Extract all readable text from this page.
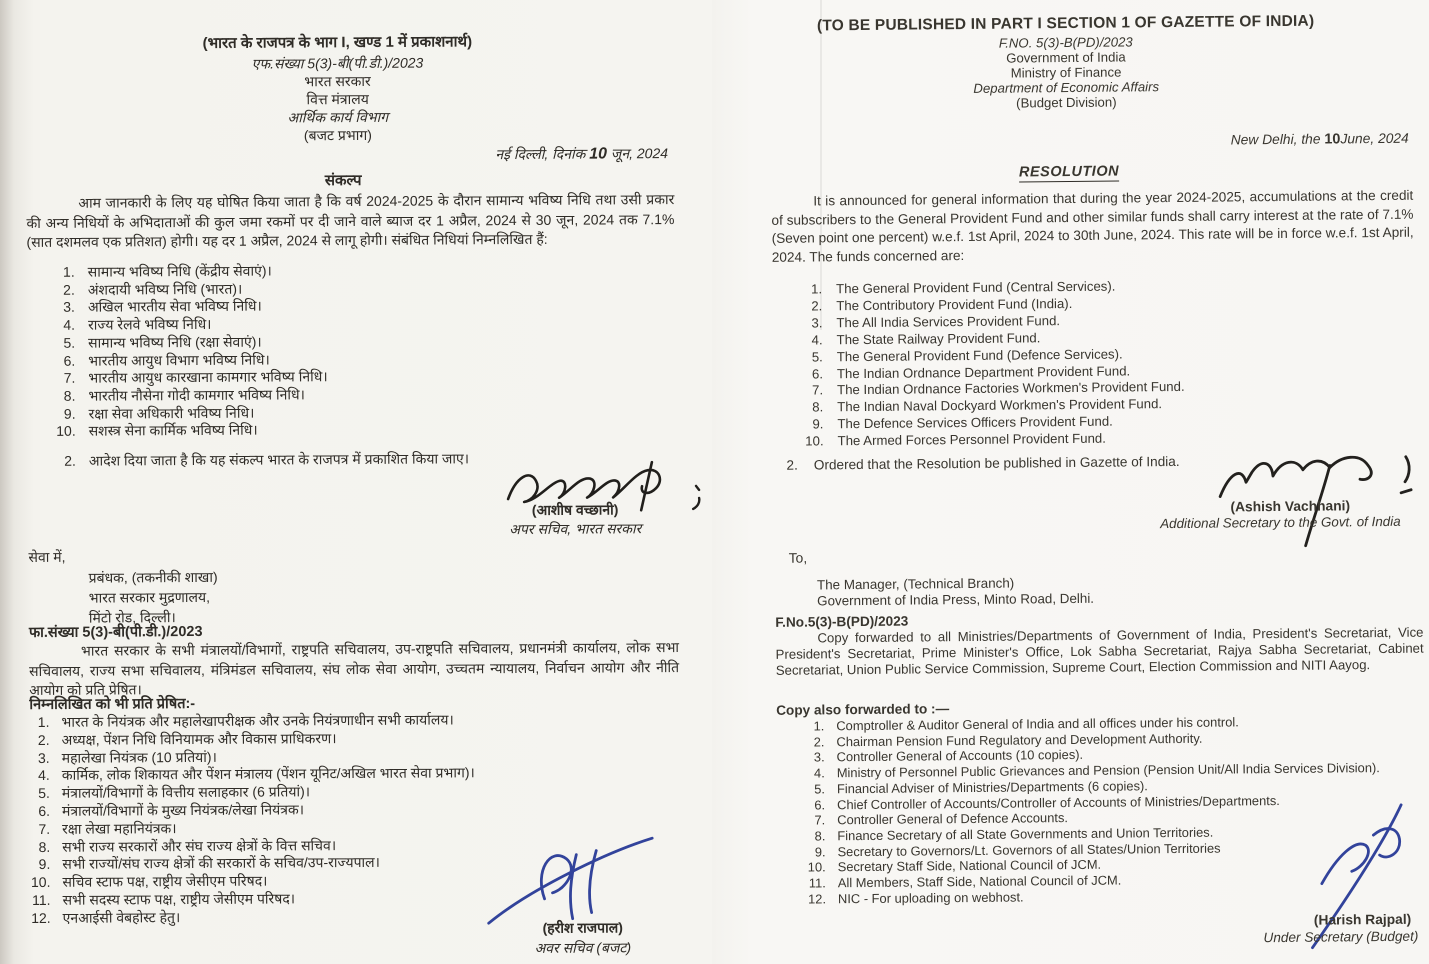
(भारत के राजपत्र के भाग I, खण्ड 1 में प्रकाशनार्थ)
एफ.संख्या 5(3)-बी(पी.डी.)/2023
भारत सरकार
वित्त मंत्रालय
आर्थिक कार्य विभाग
(बजट प्रभाग)
नई दिल्ली, दिनांक 10 जून, 2024
संकल्प
आम जानकारी के लिए यह घोषित किया जाता है कि वर्ष 2024-2025 के दौरान सामान्य भविष्य निधि तथा उसी प्रकार की अन्य निधियों के अभिदाताओं की कुल जमा रकमों पर दी जाने वाले ब्याज दर 1 अप्रैल, 2024 से 30 जून, 2024 तक 7.1% (सात दशमलव एक प्रतिशत) होगी। यह दर 1 अप्रैल, 2024 से लागू होगी। संबंधित निधियां निम्नलिखित हैं:
1. सामान्य भविष्य निधि (केंद्रीय सेवाएं)।
2. अंशदायी भविष्य निधि (भारत)।
3. अखिल भारतीय सेवा भविष्य निधि।
4. राज्य रेलवे भविष्य निधि।
5. सामान्य भविष्य निधि (रक्षा सेवाएं)।
6. भारतीय आयुध विभाग भविष्य निधि।
7. भारतीय आयुध कारखाना कामगार भविष्य निधि।
8. भारतीय नौसेना गोदी कामगार भविष्य निधि।
9. रक्षा सेवा अधिकारी भविष्य निधि।
10. सशस्त्र सेना कार्मिक भविष्य निधि।
2. आदेश दिया जाता है कि यह संकल्प भारत के राजपत्र में प्रकाशित किया जाए।
(आशीष वच्छानी)
अपर सचिव, भारत सरकार
सेवा में,
प्रबंधक, (तकनीकी शाखा)
भारत सरकार मुद्रणालय,
मिंटो रोड, दिल्ली।
फा.संख्या 5(3)-बी(पी.डी.)/2023
भारत सरकार के सभी मंत्रालयों/विभागों, राष्ट्रपति सचिवालय, उप-राष्ट्रपति सचिवालय, प्रधानमंत्री कार्यालय, लोक सभा सचिवालय, राज्य सभा सचिवालय, मंत्रिमंडल सचिवालय, संघ लोक सेवा आयोग, उच्चतम न्यायालय, निर्वाचन आयोग और नीति आयोग को प्रति प्रेषित।
निम्नलिखित को भी प्रति प्रेषित:-
1. भारत के नियंत्रक और महालेखापरीक्षक और उनके नियंत्रणाधीन सभी कार्यालय।
2. अध्यक्ष, पेंशन निधि विनियामक और विकास प्राधिकरण।
3. महालेखा नियंत्रक (10 प्रतियां)।
4. कार्मिक, लोक शिकायत और पेंशन मंत्रालय (पेंशन यूनिट/अखिल भारत सेवा प्रभाग)।
5. मंत्रालयों/विभागों के वित्तीय सलाहकार (6 प्रतियां)।
6. मंत्रालयों/विभागों के मुख्य नियंत्रक/लेखा नियंत्रक।
7. रक्षा लेखा महानियंत्रक।
8. सभी राज्य सरकारों और संघ राज्य क्षेत्रों के वित्त सचिव।
9. सभी राज्यों/संघ राज्य क्षेत्रों की सरकारों के सचिव/उप-राज्यपाल।
10. सचिव स्टाफ पक्ष, राष्ट्रीय जेसीएम परिषद।
11. सभी सदस्य स्टाफ पक्ष, राष्ट्रीय जेसीएम परिषद।
12. एनआईसी वेबहोस्ट हेतु।
(हरीश राजपाल)
अवर सचिव (बजट)
(TO BE PUBLISHED IN PART I SECTION 1 OF GAZETTE OF INDIA)
F.NO. 5(3)-B(PD)/2023
Government of India
Ministry of Finance
Department of Economic Affairs
(Budget Division)
New Delhi, the 10June, 2024
RESOLUTION
It is announced for general information that during the year 2024-2025, accumulations at the credit of subscribers to the General Provident Fund and other similar funds shall carry interest at the rate of 7.1% (Seven point one percent) w.e.f. 1st April, 2024 to 30th June, 2024. This rate will be in force w.e.f. 1st April, 2024. The funds concerned are:
1. The General Provident Fund (Central Services).
2. The Contributory Provident Fund (India).
3. The All India Services Provident Fund.
4. The State Railway Provident Fund.
5. The General Provident Fund (Defence Services).
6. The Indian Ordnance Department Provident Fund.
7. The Indian Ordnance Factories Workmen's Provident Fund.
8. The Indian Naval Dockyard Workmen's Provident Fund.
9. The Defence Services Officers Provident Fund.
10. The Armed Forces Personnel Provident Fund.
2. Ordered that the Resolution be published in Gazette of India.
(Ashish Vachhani)
Additional Secretary to the Govt. of India
To,
The Manager, (Technical Branch)
Government of India Press, Minto Road, Delhi.
F.No.5(3)-B(PD)/2023
Copy forwarded to all Ministries/Departments of Government of India, President's Secretariat, Vice President's Secretariat, Prime Minister's Office, Lok Sabha Secretariat, Rajya Sabha Secretariat, Cabinet Secretariat, Union Public Service Commission, Supreme Court, Election Commission and NITI Aayog.
Copy also forwarded to :—
1. Comptroller & Auditor General of India and all offices under his control.
2. Chairman Pension Fund Regulatory and Development Authority.
3. Controller General of Accounts (10 copies).
4. Ministry of Personnel Public Grievances and Pension (Pension Unit/All India Services Division).
5. Financial Adviser of Ministries/Departments (6 copies).
6. Chief Controller of Accounts/Controller of Accounts of Ministries/Departments.
7. Controller General of Defence Accounts.
8. Finance Secretary of all State Governments and Union Territories.
9. Secretary to Governors/Lt. Governors of all States/Union Territories
10. Secretary Staff Side, National Council of JCM.
11. All Members, Staff Side, National Council of JCM.
12. NIC - For uploading on webhost.
(Harish Rajpal)
Under Secretary (Budget)
